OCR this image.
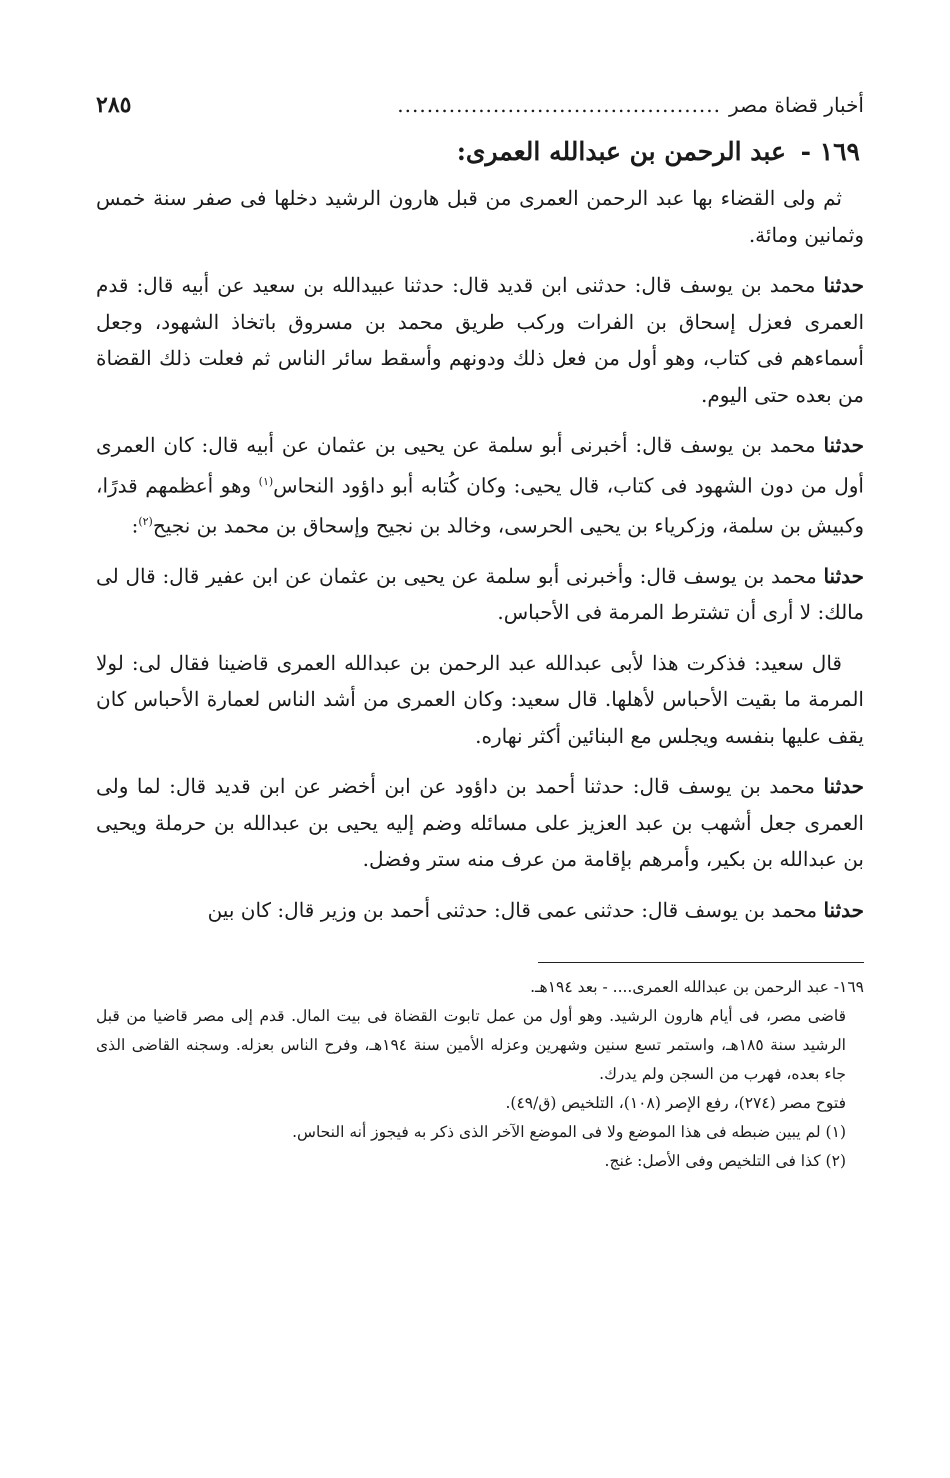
أخبار قضاة مصر
............................................
٢٨٥
١٦٩ - عبد الرحمن بن عبدالله العمرى:

ثم ولى القضاء بها عبد الرحمن العمرى من قبل هارون الرشيد دخلها فى صفر سنة خمس وثمانين ومائة.

حدثنا محمد بن يوسف قال: حدثنى ابن قديد قال: حدثنا عبيدالله بن سعيد عن أبيه قال: قدم العمرى فعزل إسحاق بن الفرات وركب طريق محمد بن مسروق باتخاذ الشهود، وجعل أسماءهم فى كتاب، وهو أول من فعل ذلك ودونهم وأسقط سائر الناس ثم فعلت ذلك القضاة من بعده حتى اليوم.

حدثنا محمد بن يوسف قال: أخبرنى أبو سلمة عن يحيى بن عثمان عن أبيه قال: كان العمرى أول من دون الشهود فى كتاب، قال يحيى: وكان كُتابه أبو داؤود النحاس$^{(١)}$ وهو أعظمهم قدرًا، وكبيش بن سلمة، وزكرياء بن يحيى الحرسى، وخالد بن نجيح وإسحاق بن محمد بن نجيح$^{(٢)}$:

حدثنا محمد بن يوسف قال: وأخبرنى أبو سلمة عن يحيى بن عثمان عن ابن عفير قال: قال لى مالك: لا أرى أن تشترط المرمة فى الأحباس.

قال سعيد: فذكرت هذا لأبى عبدالله عبد الرحمن بن عبدالله العمرى قاضينا فقال لى: لولا المرمة ما بقيت الأحباس لأهلها. قال سعيد: وكان العمرى من أشد الناس لعمارة الأحباس كان يقف عليها بنفسه ويجلس مع البنائين أكثر نهاره.

حدثنا محمد بن يوسف قال: حدثنا أحمد بن داؤود عن ابن أخضر عن ابن قديد قال: لما ولى العمرى جعل أشهب بن عبد العزيز على مسائله وضم إليه يحيى بن عبدالله بن حرملة ويحيى بن عبدالله بن بكير، وأمرهم بإقامة من عرف منه ستر وفضل.

حدثنا محمد بن يوسف قال: حدثنى عمى قال: حدثنى أحمد بن وزير قال: كان بين

١٦٩- عبد الرحمن بن عبدالله العمرى.... - بعد ١٩٤هـ.

قاضى مصر، فى أيام هارون الرشيد. وهو أول من عمل تابوت القضاة فى بيت المال. قدم إلى مصر قاضيا من قبل الرشيد سنة ١٨٥هـ، واستمر تسع سنين وشهرين وعزله الأمين سنة ١٩٤هـ، وفرح الناس بعزله. وسجنه القاضى الذى جاء بعده، فهرب من السجن ولم يدرك.

فتوح مصر (٢٧٤)، رفع الإصر (١٠٨)، التلخيص (ق/٤٩).

(١) لم يبين ضبطه فى هذا الموضع ولا فى الموضع الآخر الذى ذكر به فيجوز أنه النحاس.

(٢) كذا فى التلخيص وفى الأصل: غنج.
